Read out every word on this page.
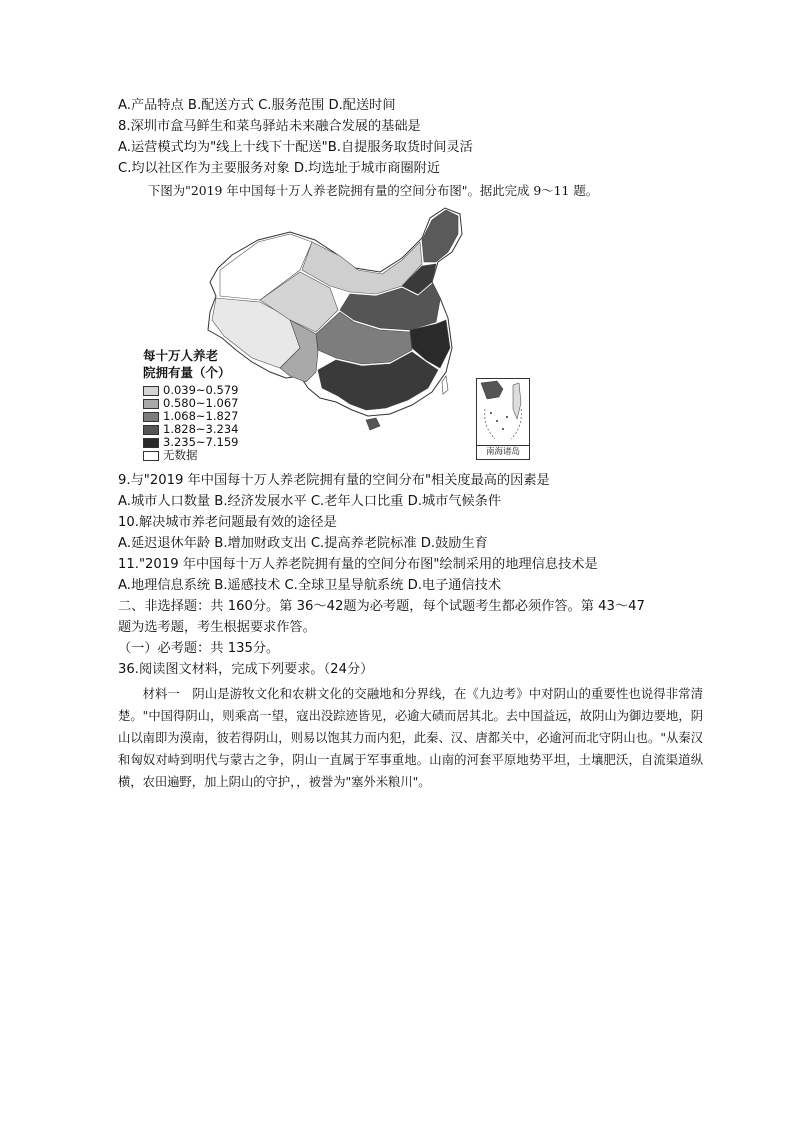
A.产品特点 B.配送方式 C.服务范围 D.配送时间
8.深圳市盒马鲜生和菜鸟驿站未来融合发展的基础是
A.运营模式均为"线上十线下十配送"B.自提服务取货时间灵活
C.均以社区作为主要服务对象 D.均选址于城市商圈附近
下图为"2019 年中国每十万人养老院拥有量的空间分布图"。据此完成 9～11 题。
每十万人养老
院拥有量（个）
0.039~0.579
0.580~1.067
1.068~1.827
1.828~3.234
3.235~7.159
无数据	南海诸岛
9.与"2019 年中国每十万人养老院拥有量的空间分布"相关度最高的因素是
A.城市人口数量 B.经济发展水平 C.老年人口比重 D.城市气候条件
10.解决城市养老问题最有效的途径是
A.延迟退休年龄 B.增加财政支出 C.提高养老院标准 D.鼓励生育
11."2019 年中国每十万人养老院拥有量的空间分布图"绘制采用的地理信息技术是
A.地理信息系统 B.遥感技术 C.全球卫星导航系统 D.电子通信技术
二、非选择题：共 160分。第 36～42题为必考题，每个试题考生都必须作答。第 43～47
题为选考题，考生根据要求作答。
（一）必考题：共 135分。
36.阅读图文材料，完成下列要求。（24分）

材料一　阴山是游牧文化和农耕文化的交融地和分界线，在《九边考》中对阴山的重要性也说得非常清楚。"中国得阴山，则乘高一望，寇出没踪迹皆见，必逾大碛而居其北。去中国益远，故阴山为御边要地，阴山以南即为漠南，彼若得阴山，则易以饱其力而内犯，此秦、汉、唐都关中，必逾河而北守阴山也。"从秦汉和匈奴对峙到明代与蒙古之争，阴山一直属于军事重地。山南的河套平原地势平坦，土壤肥沃，自流渠道纵横，农田遍野，加上阴山的守护，，被誉为"塞外米粮川"。
